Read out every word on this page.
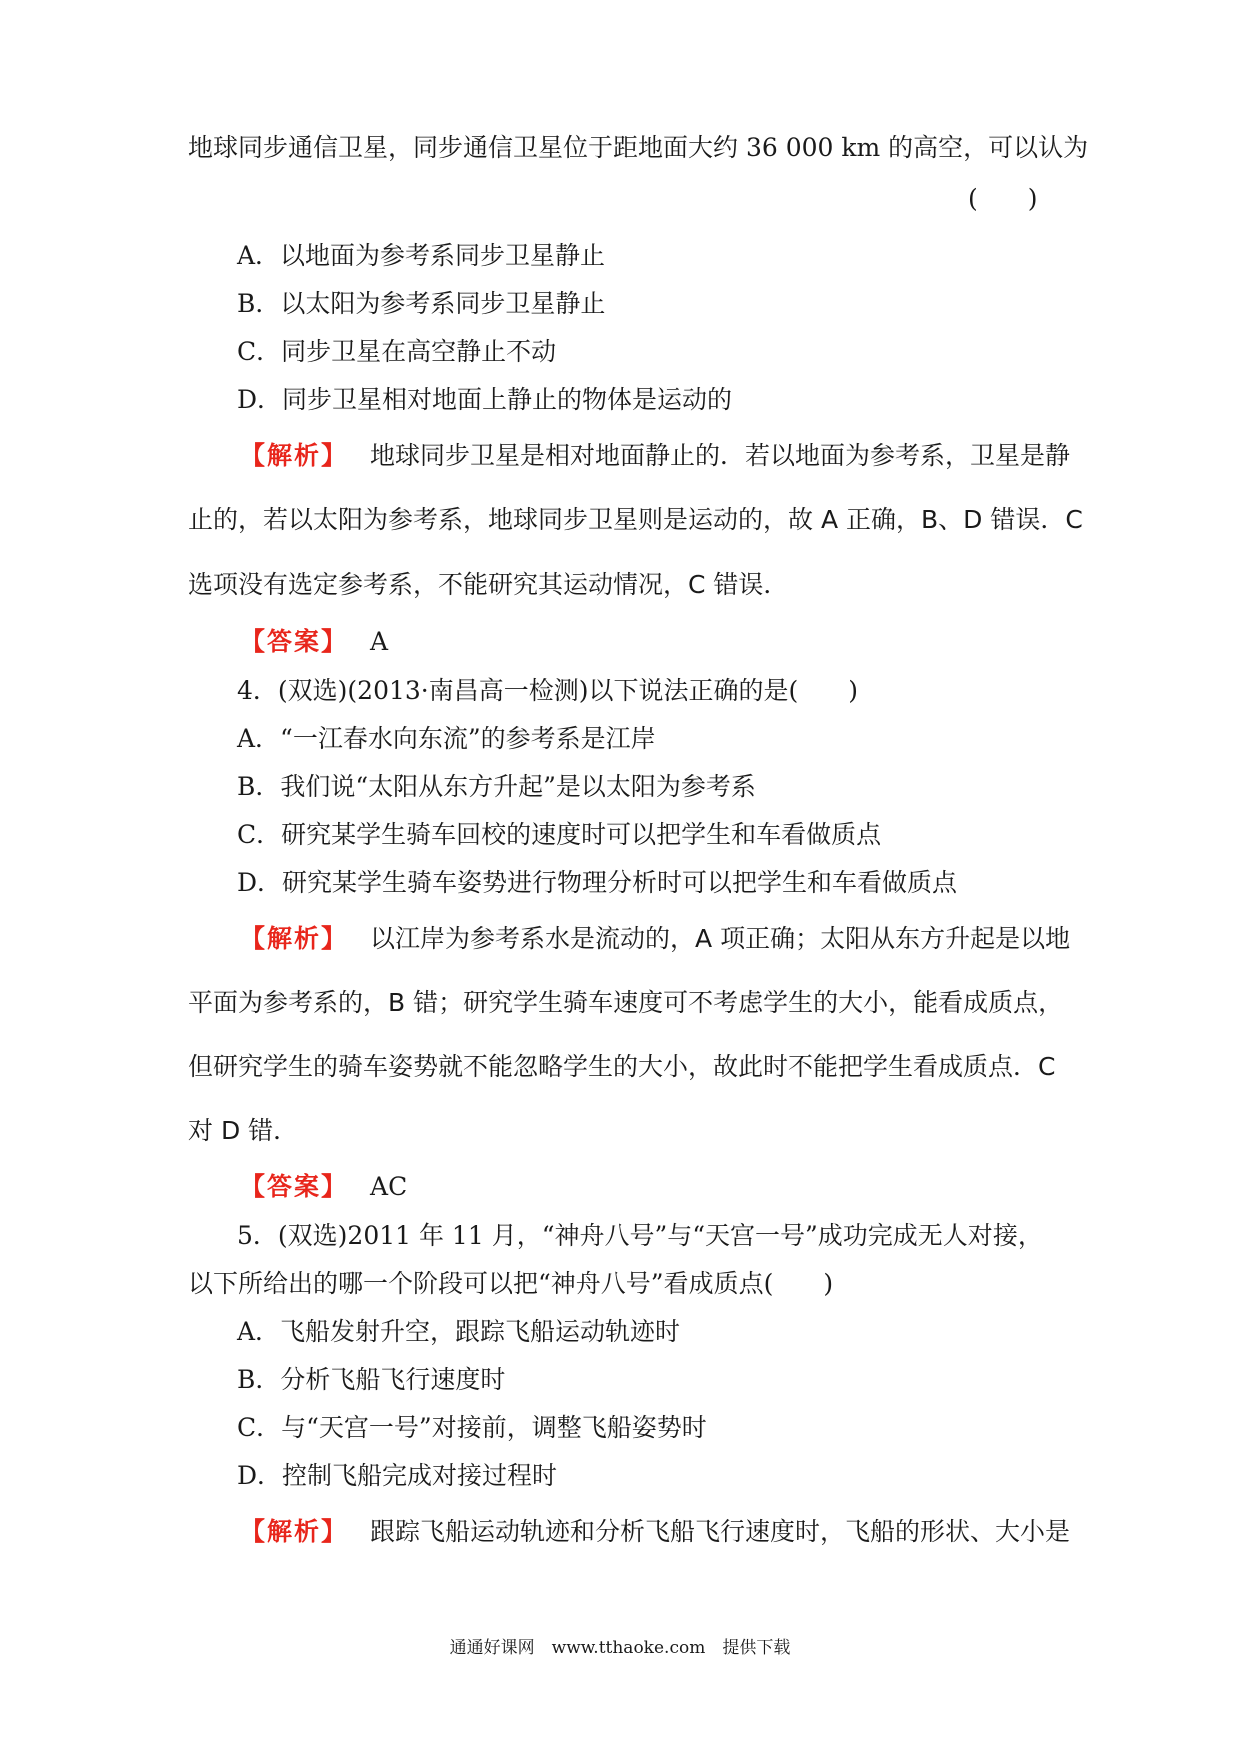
地球同步通信卫星，同步通信卫星位于距地面大约 36 000 km 的高空，可以认为
(　　)
A．以地面为参考系同步卫星静止
B．以太阳为参考系同步卫星静止
C．同步卫星在高空静止不动
D．同步卫星相对地面上静止的物体是运动的
【解析】 地球同步卫星是相对地面静止的．若以地面为参考系，卫星是静
止的，若以太阳为参考系，地球同步卫星则是运动的，故 A 正确，B、D 错误．C
选项没有选定参考系，不能研究其运动情况，C 错误．
【答案】 A
4．(双选)(2013·南昌高一检测)以下说法正确的是(　　)
A．“一江春水向东流”的参考系是江岸
B．我们说“太阳从东方升起”是以太阳为参考系
C．研究某学生骑车回校的速度时可以把学生和车看做质点
D．研究某学生骑车姿势进行物理分析时可以把学生和车看做质点
【解析】 以江岸为参考系水是流动的，A 项正确；太阳从东方升起是以地
平面为参考系的，B 错；研究学生骑车速度可不考虑学生的大小，能看成质点，
但研究学生的骑车姿势就不能忽略学生的大小，故此时不能把学生看成质点．C
对 D 错．
【答案】 AC
5．(双选)2011 年 11 月，“神舟八号”与“天宫一号”成功完成无人对接，
以下所给出的哪一个阶段可以把“神舟八号”看成质点(　　)
A．飞船发射升空，跟踪飞船运动轨迹时
B．分析飞船飞行速度时
C．与“天宫一号”对接前，调整飞船姿势时
D．控制飞船完成对接过程时
【解析】 跟踪飞船运动轨迹和分析飞船飞行速度时，飞船的形状、大小是
通通好课网　www.tthaoke.com　提供下载
